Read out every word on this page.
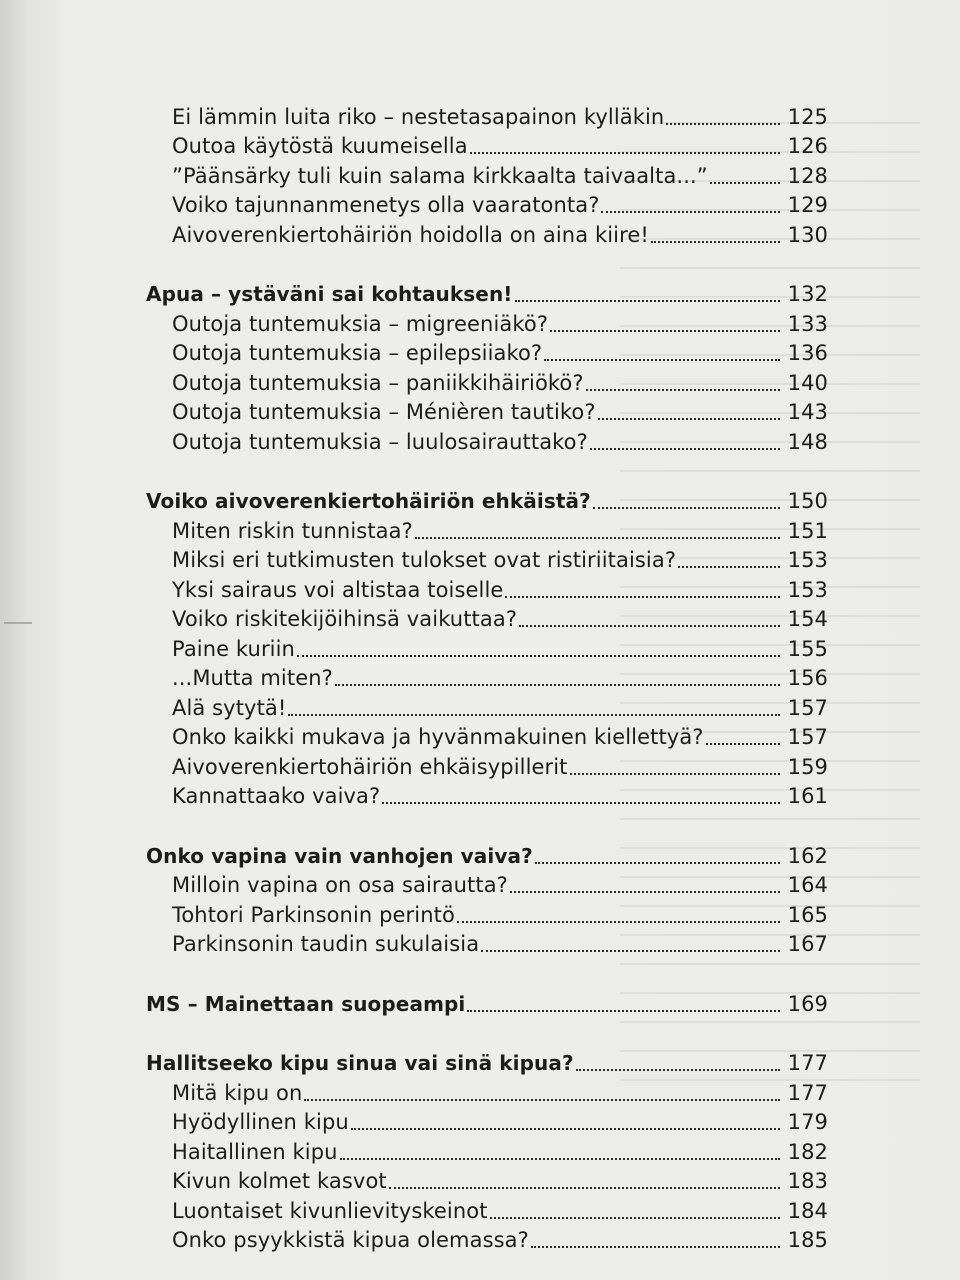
Ei lämmin luita riko – nestetasapainon kylläkin	125
Outoa käytöstä kuumeisella	126
”Päänsärky tuli kuin salama kirkkaalta taivaalta...”	128
Voiko tajunnanmenetys olla vaaratonta?	129
Aivoverenkiertohäiriön hoidolla on aina kiire!	130
Apua – ystäväni sai kohtauksen!	132
Outoja tuntemuksia – migreeniäkö?	133
Outoja tuntemuksia – epilepsiiako?	136
Outoja tuntemuksia – paniikkihäiriökö?	140
Outoja tuntemuksia – Ménièren tautiko?	143
Outoja tuntemuksia – luulosairauttako?	148
Voiko aivoverenkiertohäiriön ehkäistä?	150
Miten riskin tunnistaa?	151
Miksi eri tutkimusten tulokset ovat ristiriitaisia?	153
Yksi sairaus voi altistaa toiselle	153
Voiko riskitekijöihinsä vaikuttaa?	154
Paine kuriin	155
...Mutta miten?	156
Alä sytytä!	157
Onko kaikki mukava ja hyvänmakuinen kiellettyä?	157
Aivoverenkiertohäiriön ehkäisypillerit	159
Kannattaako vaiva?	161
Onko vapina vain vanhojen vaiva?	162
Milloin vapina on osa sairautta?	164
Tohtori Parkinsonin perintö	165
Parkinsonin taudin sukulaisia	167
MS – Mainettaan suopeampi	169
Hallitseeko kipu sinua vai sinä kipua?	177
Mitä kipu on	177
Hyödyllinen kipu	179
Haitallinen kipu	182
Kivun kolmet kasvot	183
Luontaiset kivunlievityskeinot	184
Onko psyykkistä kipua olemassa?	185
